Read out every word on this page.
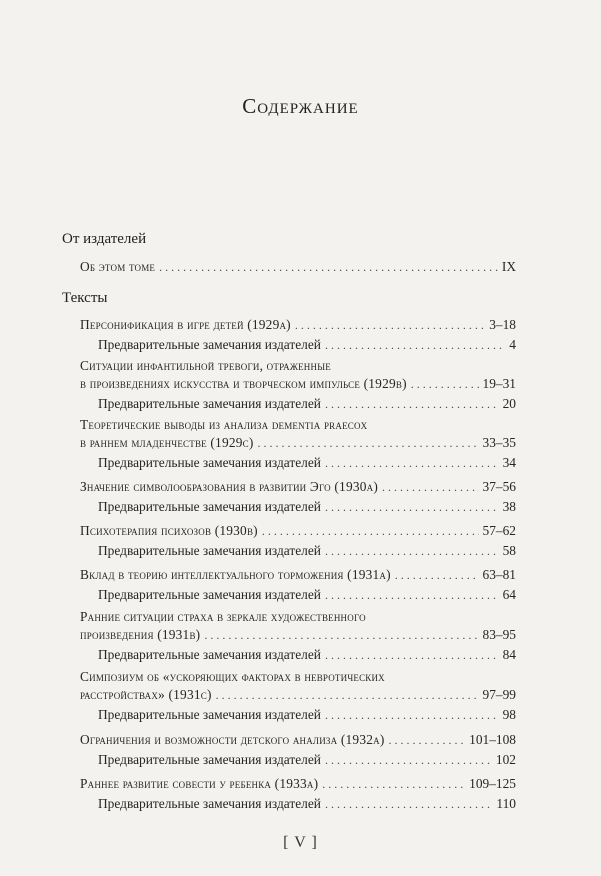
Содержание
От издателей
Об этом томе . . .	IX
Тексты
Персонификация в игре детей (1929a) . . .	3–18
Предварительные замечания издателей . . .	4
Ситуации инфантильной тревоги, отраженные
в произведениях искусства и творческом импульсе (1929b) . . .	19–31
Предварительные замечания издателей . . .	20
Теоретические выводы из анализа dementia praecox
в раннем младенчестве (1929c) . . .	33–35
Предварительные замечания издателей . . .	34
Значение символообразования в развитии Эго (1930a) . . .	37–56
Предварительные замечания издателей . . .	38
Психотерапия психозов (1930b) . . .	57–62
Предварительные замечания издателей . . .	58
Вклад в теорию интеллектуального торможения (1931a) . . .	63–81
Предварительные замечания издателей . . .	64
Ранние ситуации страха в зеркале художественного
произведения (1931b) . . .	83–95
Предварительные замечания издателей . . .	84
Симпозиум об «ускоряющих факторах в невротических
расстройствах» (1931c) . . .	97–99
Предварительные замечания издателей . . .	98
Ограничения и возможности детского анализа (1932a) . . .	101–108
Предварительные замечания издателей . . .	102
Раннее развитие совести у ребенка (1933a) . . .	109–125
Предварительные замечания издателей . . .	110
[ V ]
